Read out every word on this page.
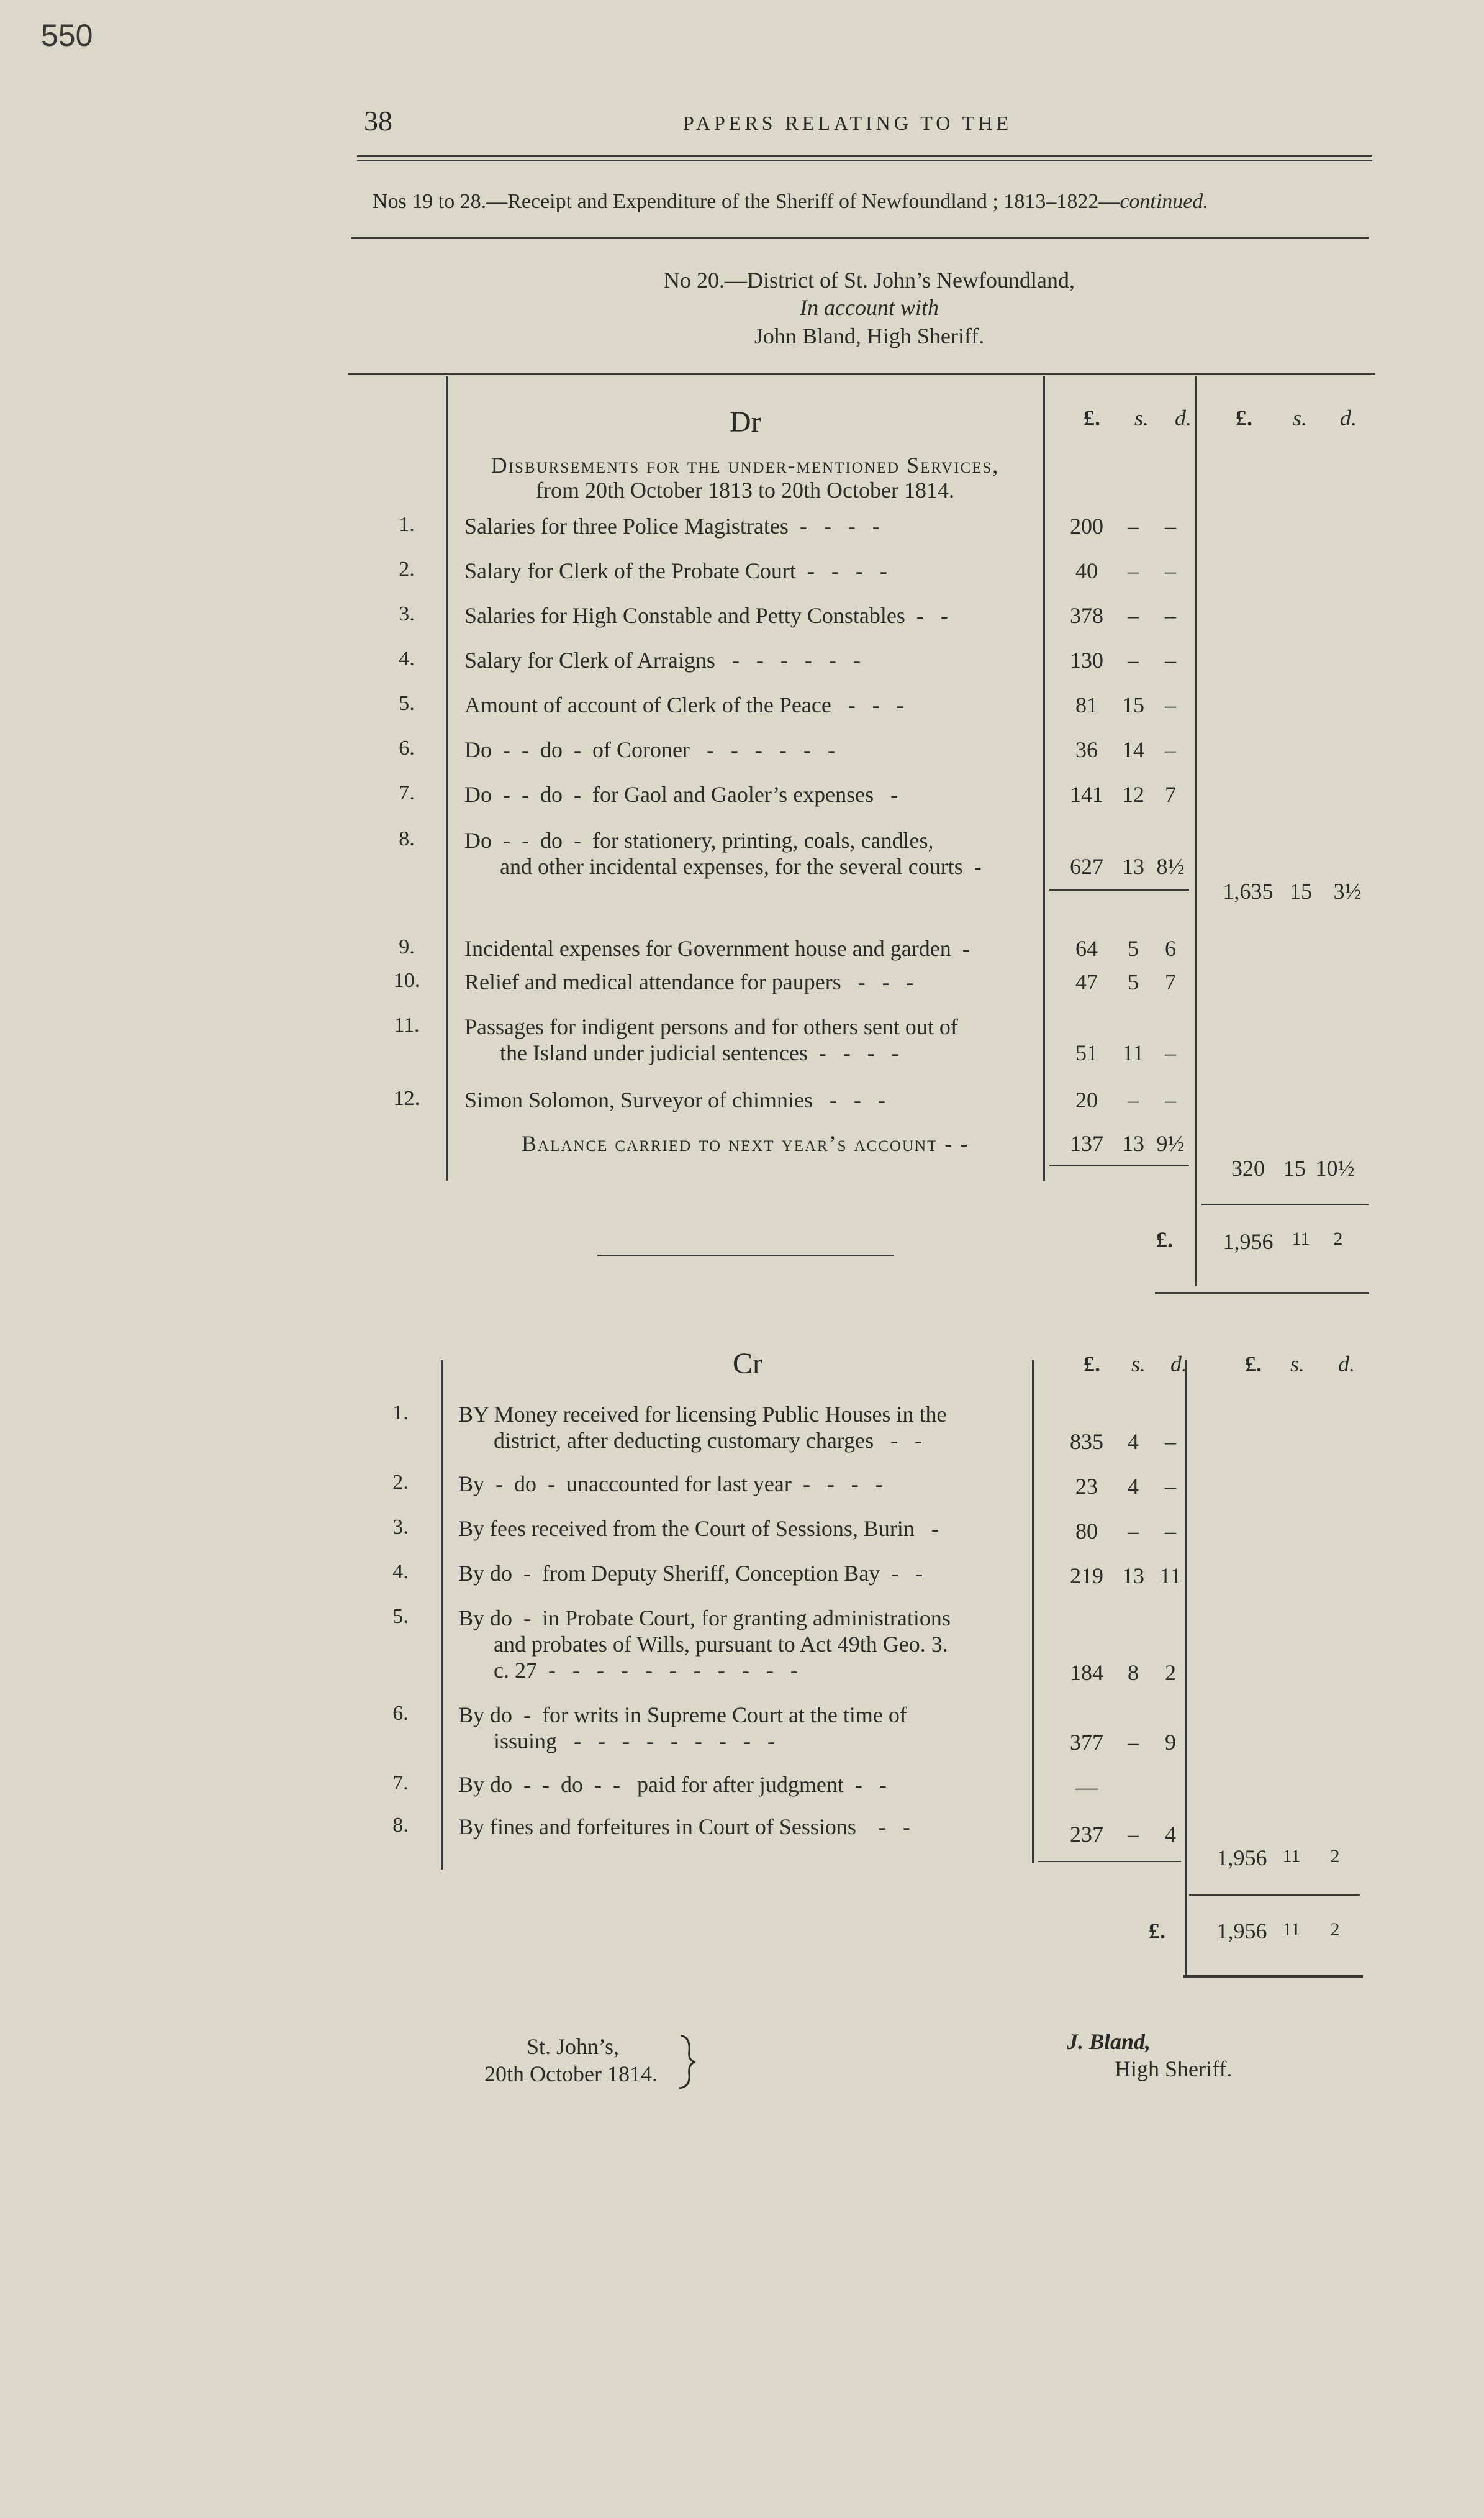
550
38	PAPERS RELATING TO THE
Nos 19 to 28.—Receipt and Expenditure of the Sheriff of Newfoundland ; 1813–1822—continued.
No 20.—District of St. John’s Newfoundland,
In account with
John Bland, High Sheriff.
Dr	£. s. d. £. s. d.
Disbursements for the under-mentioned Services,
from 20th October 1813 to 20th October 1814.
1.	Salaries for three Police Magistrates  -   -   -   -	200	–	–
2.	Salary for Clerk of the Probate Court  -   -   -   -	40	–	–
3.	Salaries for High Constable and Petty Constables  -   -	378	–	–
4.	Salary for Clerk of Arraigns   -   -   -   -   -   -	130	–	–
5.	Amount of account of Clerk of the Peace   -   -   -	81	15 –
6.	Do  -  -  do  -  of Coroner   -   -   -   -   -   -	36	14 –
7.	Do  -  -  do  -  for Gaol and Gaoler’s expenses   -	141 12 7
8.	Do  -  -  do  -  for stationery, printing, coals, candles,
and other incidental expenses, for the several courts  -	627 13 8½
9.	Incidental expenses for Government house and garden  -	64	5	6
10.	Relief and medical attendance for paupers   -   -   -	47	5	7
11.	Passages for indigent persons and for others sent out of
the Island under judicial sentences  -   -   -   -	51	11 –
12.	Simon Solomon, Surveyor of chimnies   -   -   -	20	–	–
Balance carried to next year’s account - -	137 13 9½
1,635 15 3½
320 15 10½
£.	1,956	11	2
Cr	£. s. d.	£. s. d.
1.	BY Money received for licensing Public Houses in the
district, after deducting customary charges   -   -	835	4	–
2.	By  -  do  -  unaccounted for last year  -   -   -   -	23	4	–
3.	By fees received from the Court of Sessions, Burin   -	80	–	–
4.	By do  -  from Deputy Sheriff, Conception Bay  -   -	219 13 11
5.	By do  -  in Probate Court, for granting administrations
and probates of Wills, pursuant to Act 49th Geo. 3.
c. 27  -   -   -   -   -   -   -   -   -   -   -	184	8	2
6.	By do  -  for writs in Supreme Court at the time of
issuing   -   -   -   -   -   -   -   -   -	377	–	9
7.	By do  -  -  do  -  -   paid for after judgment  -   -	—
8.	By fines and forfeitures in Court of Sessions    -   -	237	–	4
1,956 11	2
£.	1,956 11	2
St. John’s,
20th October 1814.
J. Bland,
High Sheriff.
